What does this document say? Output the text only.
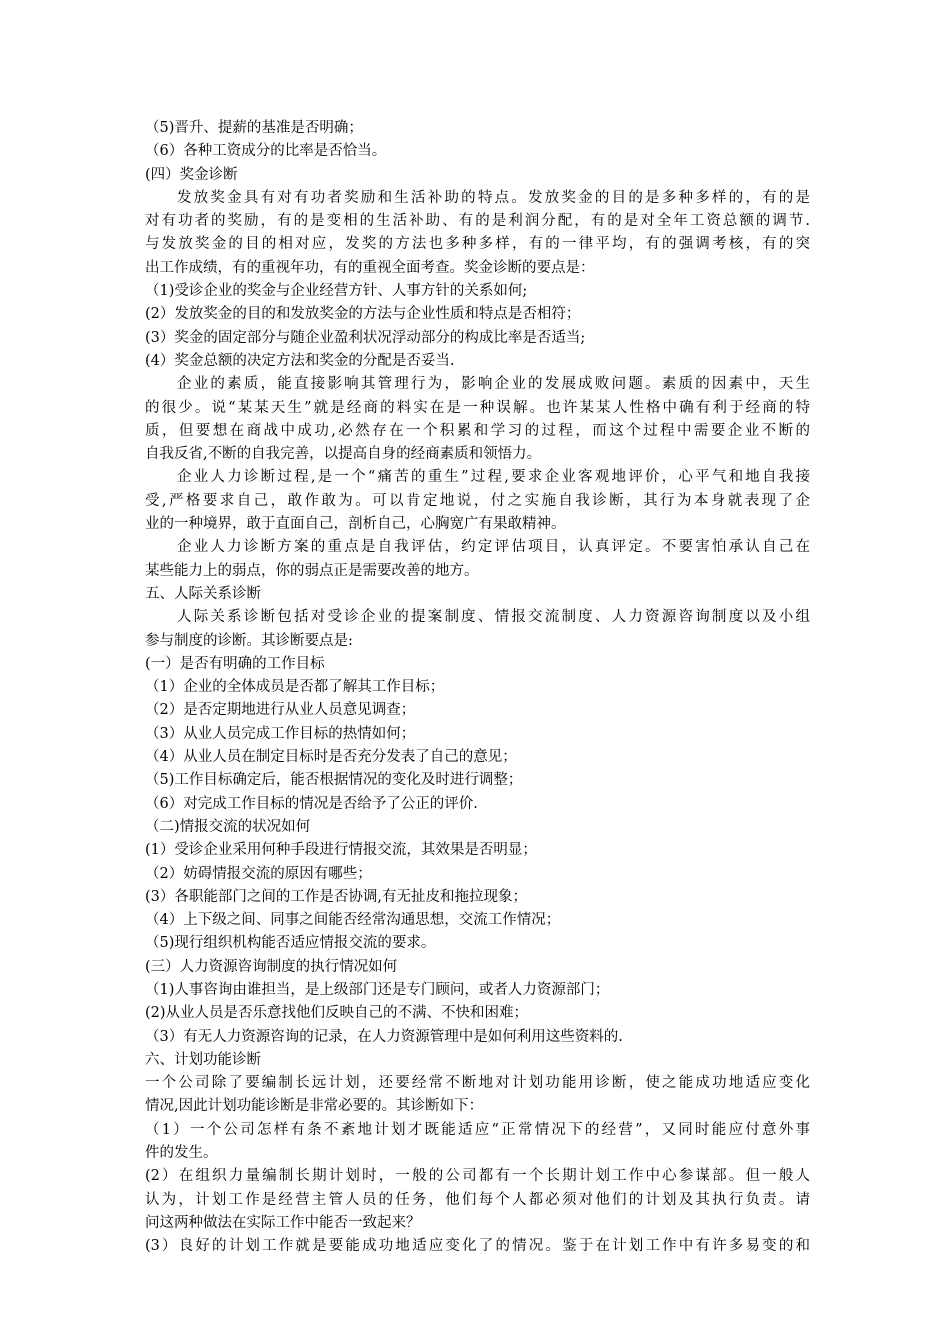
（5)晋升、提薪的基准是否明确；
（6）各种工资成分的比率是否恰当。
(四）奖金诊断
发放奖金具有对有功者奖励和生活补助的特点。发放奖金的目的是多种多样的，有的是
对有功者的奖励，有的是变相的生活补助、有的是利润分配，有的是对全年工资总额的调节.
与发放奖金的目的相对应，发奖的方法也多种多样，有的一律平均，有的强调考核，有的突
出工作成绩，有的重视年功，有的重视全面考查。奖金诊断的要点是：
（1)受诊企业的奖金与企业经营方针、人事方针的关系如何;
(2）发放奖金的目的和发放奖金的方法与企业性质和特点是否相符；
(3）奖金的固定部分与随企业盈利状况浮动部分的构成比率是否适当;
(4）奖金总额的决定方法和奖金的分配是否妥当.
企业的素质，能直接影响其管理行为，影响企业的发展成败问题。素质的因素中，天生
的很少。说“某某天生”就是经商的料实在是一种误解。也许某某人性格中确有利于经商的特
质，但要想在商战中成功,必然存在一个积累和学习的过程，而这个过程中需要企业不断的
自我反省,不断的自我完善，以提高自身的经商素质和领悟力。
企业人力诊断过程,是一个“痛苦的重生”过程,要求企业客观地评价，心平气和地自我接
受,严格要求自己，敢作敢为。可以肯定地说，付之实施自我诊断，其行为本身就表现了企
业的一种境界，敢于直面自己，剖析自己，心胸宽广有果敢精神。
企业人力诊断方案的重点是自我评估，约定评估项目，认真评定。不要害怕承认自己在
某些能力上的弱点，你的弱点正是需要改善的地方。
五、人际关系诊断
人际关系诊断包括对受诊企业的提案制度、情报交流制度、人力资源咨询制度以及小组
参与制度的诊断。其诊断要点是:
(一）是否有明确的工作目标
（1）企业的全体成员是否都了解其工作目标；
（2）是否定期地进行从业人员意见调查；
（3）从业人员完成工作目标的热情如何；
（4）从业人员在制定目标时是否充分发表了自己的意见；
（5)工作目标确定后，能否根据情况的变化及时进行调整；
（6）对完成工作目标的情况是否给予了公正的评价.
（二)情报交流的状况如何
(1）受诊企业采用何种手段进行情报交流，其效果是否明显；
（2）妨碍情报交流的原因有哪些；
(3）各职能部门之间的工作是否协调,有无扯皮和拖拉现象；
（4）上下级之间、同事之间能否经常沟通思想，交流工作情况；
（5)现行组织机构能否适应情报交流的要求。
(三）人力资源咨询制度的执行情况如何
（1)人事咨询由谁担当，是上级部门还是专门顾问，或者人力资源部门；
(2)从业人员是否乐意找他们反映自己的不满、不快和困难；
（3）有无人力资源咨询的记录，在人力资源管理中是如何利用这些资料的.
六、计划功能诊断
一个公司除了要编制长远计划，还要经常不断地对计划功能用诊断，使之能成功地适应变化
情况,因此计划功能诊断是非常必要的。其诊断如下：
（1）一个公司怎样有条不紊地计划才既能适应“正常情况下的经营”，又同时能应付意外事
件的发生。
(2）在组织力量编制长期计划时，一般的公司都有一个长期计划工作中心参谋部。但一般人
认为，计划工作是经营主管人员的任务，他们每个人都必须对他们的计划及其执行负责。请
问这两种做法在实际工作中能否一致起来？
(3）良好的计划工作就是要能成功地适应变化了的情况。鉴于在计划工作中有许多易变的和
